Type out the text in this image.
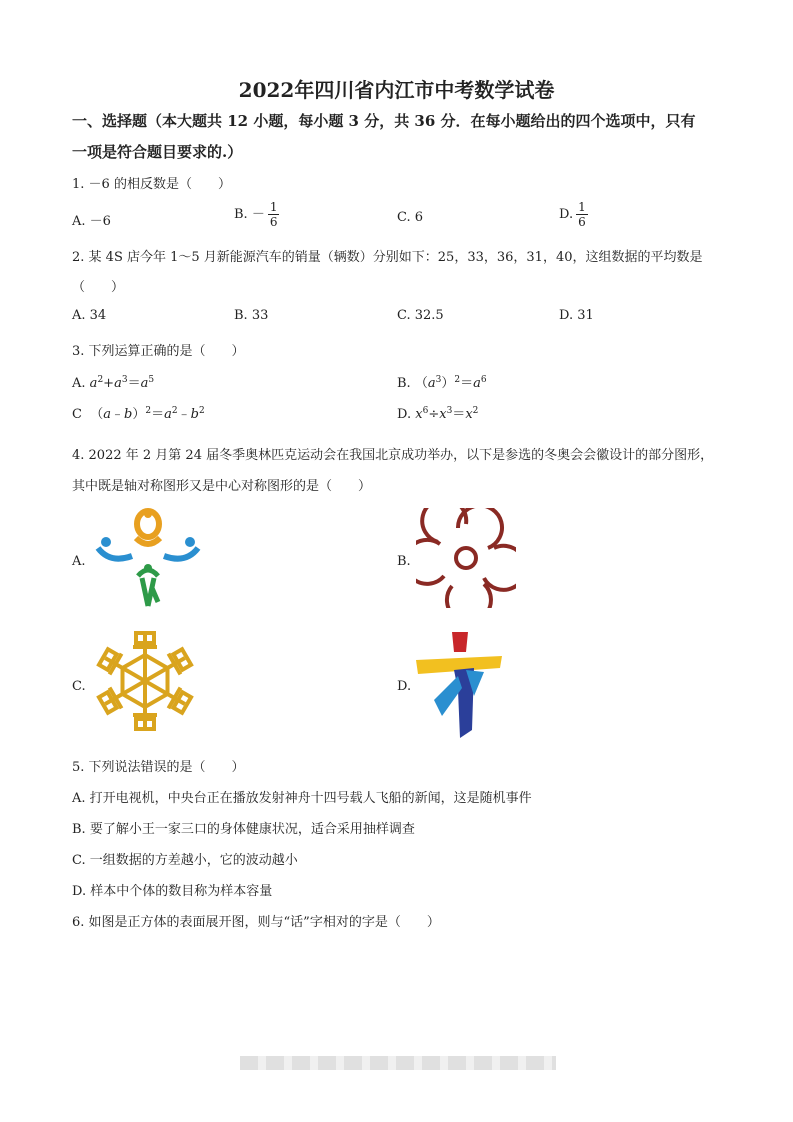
2022年四川省内江市中考数学试卷
一、选择题（本大题共 12 小题，每小题 3 分，共 36 分．在每小题给出的四个选项中，只有
一项是符合题目要求的.）
1. －6 的相反数是（　　）
A. －6	B. － $\frac{1}{6}$	C. 6	D. $\frac{1}{6}$
2. 某 4S 店今年 1～5 月新能源汽车的销量（辆数）分别如下：25，33，36，31，40，这组数据的平均数是
（　　）
A. 34	B. 33	C. 32.5	D. 31
3. 下列运算正确的是（　　）
A. $a^2+a^3=a^5$	B. $(a^3)^2=a^6$
C  $(a﹣b)^2=a^2﹣b^2$	D. $x^6\div x^3=x^2$
4. 2022 年 2 月第 24 届冬季奥林匹克运动会在我国北京成功举办，以下是参选的冬奥会会徽设计的部分图形，
其中既是轴对称图形又是中心对称图形的是（　　）
A.	B.
C.	D.
5. 下列说法错误的是（　　）
A. 打开电视机，中央台正在播放发射神舟十四号载人飞船的新闻，这是随机事件
B. 要了解小王一家三口的身体健康状况，适合采用抽样调查
C. 一组数据的方差越小，它的波动越小
D. 样本中个体的数目称为样本容量
6. 如图是正方体的表面展开图，则与“话”字相对的字是（　　）
